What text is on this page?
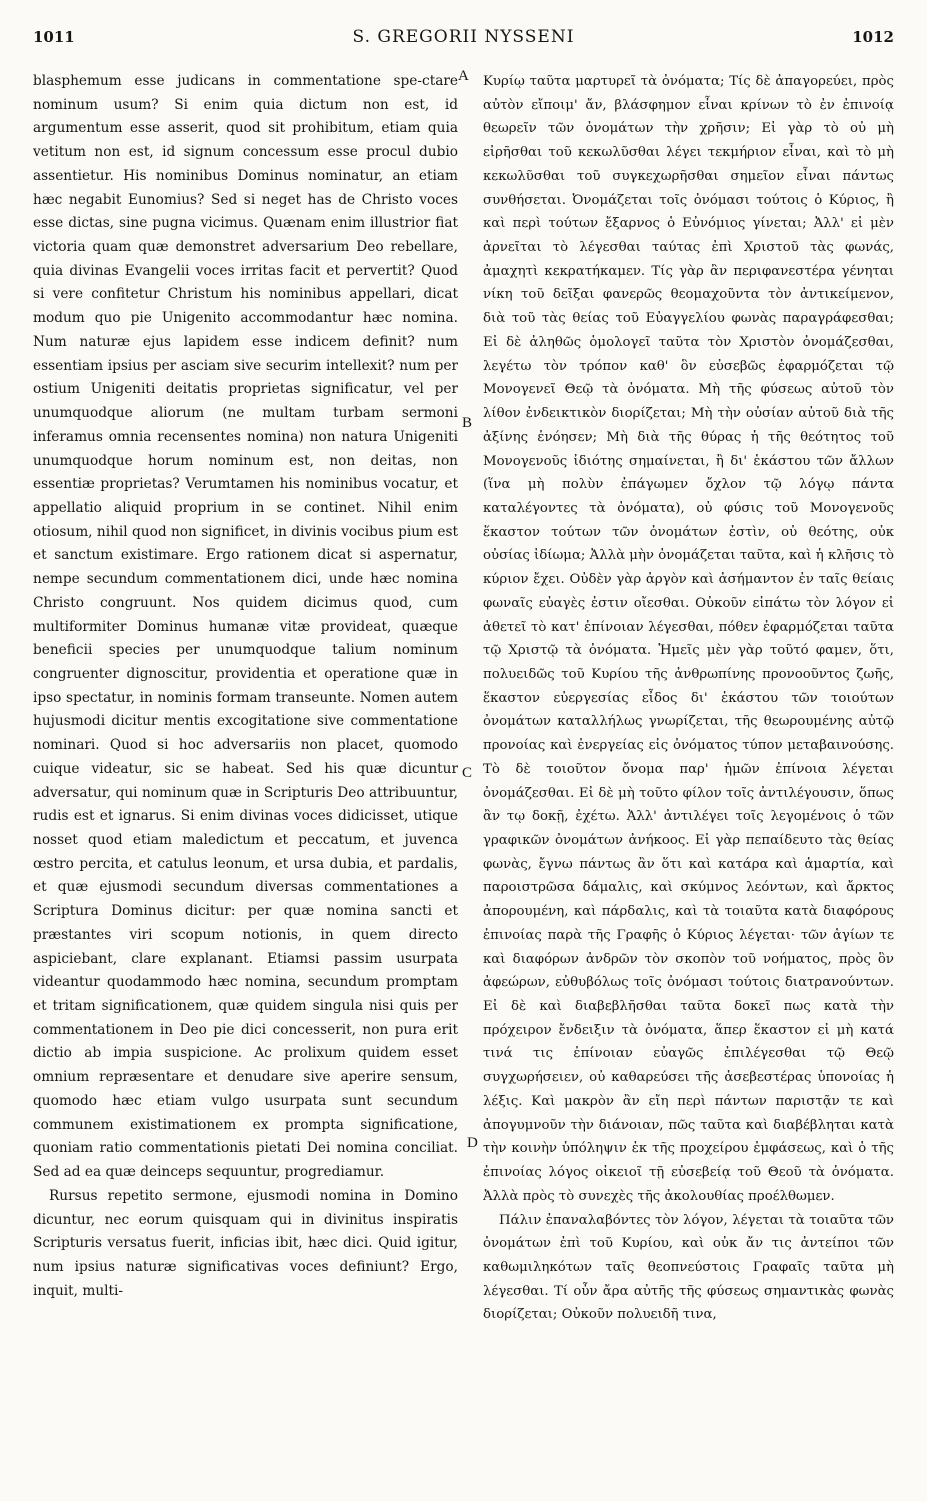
1011	S. GREGORII NYSSENI	1012

blasphemum esse judicans in commentatione spe-ctare nominum usum? Si enim quia dictum non est, id argumentum esse asserit, quod sit prohibitum, etiam quia vetitum non est, id signum concessum esse procul dubio assentietur. His nominibus Dominus nominatur, an etiam hæc negabit Eunomius? Sed si neget has de Christo voces esse dictas, sine pugna vicimus. Quænam enim illustrior fiat victoria quam quæ demonstret adversarium Deo rebellare, quia divinas Evangelii voces irritas facit et pervertit? Quod si vere confitetur Christum his nominibus appellari, dicat modum quo pie Unigenito accommodantur hæc nomina. Num naturæ ejus lapidem esse indicem definit? num essentiam ipsius per asciam sive securim intellexit? num per ostium Unigeniti deitatis proprietas significatur, vel per unumquodque aliorum (ne multam turbam sermoni inferamus omnia recensentes nomina) non natura Unigeniti unumquodque horum nominum est, non deitas, non essentiæ proprietas? Verumtamen his nominibus vocatur, et appellatio aliquid proprium in se continet. Nihil enim otiosum, nihil quod non significet, in divinis vocibus pium est et sanctum existimare. Ergo rationem dicat si aspernatur, nempe secundum commentationem dici, unde hæc nomina Christo congruunt. Nos quidem dicimus quod, cum multiformiter Dominus humanæ vitæ provideat, quæque beneficii species per unumquodque talium nominum congruenter dignoscitur, providentia et operatione quæ in ipso spectatur, in nominis formam transeunte. Nomen autem hujusmodi dicitur mentis excogitatione sive commentatione nominari. Quod si hoc adversariis non placet, quomodo cuique videatur, sic se habeat. Sed his quæ dicuntur adversatur, qui nominum quæ in Scripturis Deo attribuuntur, rudis est et ignarus. Si enim divinas voces didicisset, utique nosset quod etiam maledictum et peccatum, et juvenca œstro percita, et catulus leonum, et ursa dubia, et pardalis, et quæ ejusmodi secundum diversas commentationes a Scriptura Dominus dicitur: per quæ nomina sancti et præstantes viri scopum notionis, in quem directo aspiciebant, clare explanant. Etiamsi passim usurpata videantur quodammodo hæc nomina, secundum promptam et tritam significationem, quæ quidem singula nisi quis per commentationem in Deo pie dici concesserit, non pura erit dictio ab impia suspicione. Ac prolixum quidem esset omnium repræsentare et denudare sive aperire sensum, quomodo hæc etiam vulgo usurpata sunt secundum communem existimationem ex prompta significatione, quoniam ratio commentationis pietati Dei nomina conciliat. Sed ad ea quæ deinceps sequuntur, progrediamur.

Rursus repetito sermone, ejusmodi nomina in Domino dicuntur, nec eorum quisquam qui in divinitus inspiratis Scripturis versatus fuerit, inficias ibit, hæc dici. Quid igitur, num ipsius naturæ significativas voces definiunt? Ergo, inquit, multi-

A
B
C
D

Κυρίῳ ταῦτα μαρτυρεῖ τὰ ὀνόματα; Τίς δὲ ἀπαγορεύει, πρὸς αὐτὸν εἴποιμ' ἄν, βλάσφημον εἶναι κρίνων τὸ ἐν ἐπινοίᾳ θεωρεῖν τῶν ὀνομάτων τὴν χρῆσιν; Εἰ γὰρ τὸ οὐ μὴ εἰρῆσθαι τοῦ κεκωλῦσθαι λέγει τεκμήριον εἶναι, καὶ τὸ μὴ κεκωλῦσθαι τοῦ συγκεχωρῆσθαι σημεῖον εἶναι πάντως συνθήσεται. Ὀνομάζεται τοῖς ὀνόμασι τούτοις ὁ Κύριος, ἢ καὶ περὶ τούτων ἔξαρνος ὁ Εὐνόμιος γίνεται; Ἀλλ' εἰ μὲν ἀρνεῖται τὸ λέγεσθαι ταύτας ἐπὶ Χριστοῦ τὰς φωνάς, ἀμαχητὶ κεκρατήκαμεν. Τίς γὰρ ἂν περιφανεστέρα γένηται νίκη τοῦ δεῖξαι φανερῶς θεομαχοῦντα τὸν ἀντικείμενον, διὰ τοῦ τὰς θείας τοῦ Εὐαγγελίου φωνὰς παραγράφεσθαι; Εἰ δὲ ἀληθῶς ὁμολογεῖ ταῦτα τὸν Χριστὸν ὀνομάζεσθαι, λεγέτω τὸν τρόπον καθ' ὃν εὐσεβῶς ἐφαρμόζεται τῷ Μονογενεῖ Θεῷ τὰ ὀνόματα. Μὴ τῆς φύσεως αὐτοῦ τὸν λίθον ἐνδεικτικὸν διορίζεται; Μὴ τὴν οὐσίαν αὐτοῦ διὰ τῆς ἀξίνης ἐνόησεν; Μὴ διὰ τῆς θύρας ἡ τῆς θεότητος τοῦ Μονογενοῦς ἰδιότης σημαίνεται, ἢ δι' ἑκάστου τῶν ἄλλων (ἵνα μὴ πολὺν ἐπάγωμεν ὄχλον τῷ λόγῳ πάντα καταλέγοντες τὰ ὀνόματα), οὐ φύσις τοῦ Μονογενοῦς ἕκαστον τούτων τῶν ὀνομάτων ἐστὶν, οὐ θεότης, οὐκ οὐσίας ἰδίωμα; Ἀλλὰ μὴν ὀνομάζεται ταῦτα, καὶ ἡ κλῆσις τὸ κύριον ἔχει. Οὐδὲν γὰρ ἀργὸν καὶ ἀσήμαντον ἐν ταῖς θείαις φωναῖς εὐαγὲς ἐστιν οἴεσθαι. Οὐκοῦν εἰπάτω τὸν λόγον εἰ ἀθετεῖ τὸ κατ' ἐπίνοιαν λέγεσθαι, πόθεν ἐφαρμόζεται ταῦτα τῷ Χριστῷ τὰ ὀνόματα. Ἡμεῖς μὲν γὰρ τοῦτό φαμεν, ὅτι, πολυειδῶς τοῦ Κυρίου τῆς ἀνθρωπίνης προνοοῦντος ζωῆς, ἕκαστον εὐεργεσίας εἶδος δι' ἑκάστου τῶν τοιούτων ὀνομάτων καταλλήλως γνωρίζεται, τῆς θεωρουμένης αὐτῷ προνοίας καὶ ἐνεργείας εἰς ὀνόματος τύπον μεταβαινούσης. Τὸ δὲ τοιοῦτον ὄνομα παρ' ἡμῶν ἐπίνοια λέγεται ὀνομάζεσθαι. Εἰ δὲ μὴ τοῦτο φίλον τοῖς ἀντιλέγουσιν, ὅπως ἂν τῳ δοκῇ, ἐχέτω. Ἀλλ' ἀντιλέγει τοῖς λεγομένοις ὁ τῶν γραφικῶν ὀνομάτων ἀνήκοος. Εἰ γὰρ πεπαίδευτο τὰς θείας φωνὰς, ἔγνω πάντως ἂν ὅτι καὶ κατάρα καὶ ἁμαρτία, καὶ παροιστρῶσα δάμαλις, καὶ σκύμνος λεόντων, καὶ ἄρκτος ἀπορουμένη, καὶ πάρδαλις, καὶ τὰ τοιαῦτα κατὰ διαφόρους ἐπινοίας παρὰ τῆς Γραφῆς ὁ Κύριος λέγεται· τῶν ἁγίων τε καὶ διαφόρων ἀνδρῶν τὸν σκοπὸν τοῦ νοήματος, πρὸς ὃν ἀφεώρων, εὐθυβόλως τοῖς ὀνόμασι τούτοις διατρανούντων. Εἰ δὲ καὶ διαβεβλῆσθαι ταῦτα δοκεῖ πως κατὰ τὴν πρόχειρον ἔνδειξιν τὰ ὀνόματα, ἅπερ ἕκαστον εἰ μὴ κατά τινά τις ἐπίνοιαν εὐαγῶς ἐπιλέγεσθαι τῷ Θεῷ συγχωρήσειεν, οὐ καθαρεύσει τῆς ἀσεβεστέρας ὑπονοίας ἡ λέξις. Καὶ μακρὸν ἂν εἴη περὶ πάντων παριστᾷν τε καὶ ἀπογυμνοῦν τὴν διάνοιαν, πῶς ταῦτα καὶ διαβέβληται κατὰ τὴν κοινὴν ὑπόληψιν ἐκ τῆς προχείρου ἐμφάσεως, καὶ ὁ τῆς ἐπινοίας λόγος οἰκειοῖ τῇ εὐσεβείᾳ τοῦ Θεοῦ τὰ ὀνόματα. Ἀλλὰ πρὸς τὸ συνεχὲς τῆς ἀκολουθίας προέλθωμεν.

Πάλιν ἐπαναλαβόντες τὸν λόγον, λέγεται τὰ τοιαῦτα τῶν ὀνομάτων ἐπὶ τοῦ Κυρίου, καὶ οὐκ ἄν τις ἀντείποι τῶν καθωμιληκότων ταῖς θεοπνεύστοις Γραφαῖς ταῦτα μὴ λέγεσθαι. Τί οὖν ἄρα αὐτῆς τῆς φύσεως σημαντικὰς φωνὰς διορίζεται; Οὐκοῦν πολυειδῆ τινα,
